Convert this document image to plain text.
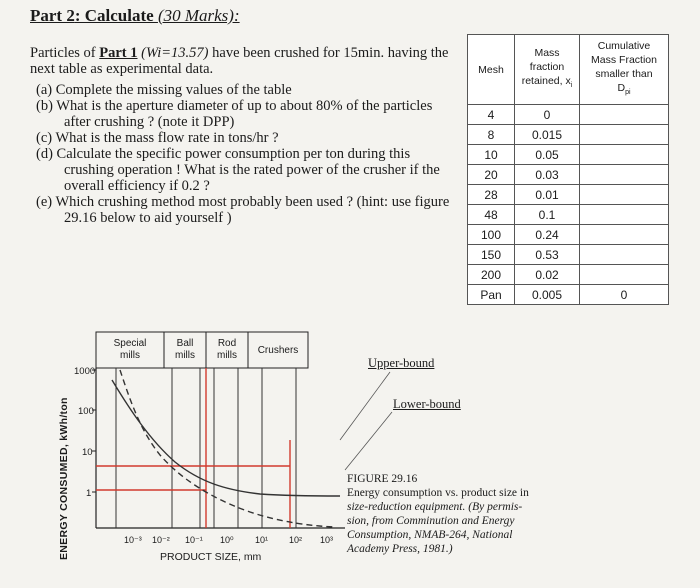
Part 2: Calculate (30 Marks):
Particles of Part 1 (Wi=13.57) have been crushed for 15min. having the next table as experimental data.
(a) Complete the missing values of the table
(b) What is the aperture diameter of up to about 80% of the particles
after crushing ? (note it DPP)
(c) What is the mass flow rate in tons/hr ?
(d) Calculate the specific power consumption per ton during this
crushing operation ! What is the rated power of the crusher if the overall efficiency if 0.2 ?
(e) Which crushing method most probably been used ? (hint: use figure
29.16 below to aid yourself )
Mesh	Mass
fraction
retained, $x_i$	Cumulative
Mass Fraction
smaller than
$D_{pi}$
4	0	
8	0.015	
10	0.05	
20	0.03	
28	0.01	
48	0.1	
100	0.24	
150	0.53	
200	0.02	
Pan	0.005	0
ENERGY CONSUMED, kWh/ton
1000
100
10
1
Special
mills
Ball
mills
Rod
mills Crushers
10⁻³ 10⁻² 10⁻¹ 10⁰ 10¹ 10² 10³
PRODUCT SIZE, mm
Upper-bound
Lower-bound
FIGURE 29.16
Energy consumption vs. product size in
size-reduction equipment. (By permis-
sion, from Comminution and Energy
Consumption, NMAB-264, National
Academy Press, 1981.)
